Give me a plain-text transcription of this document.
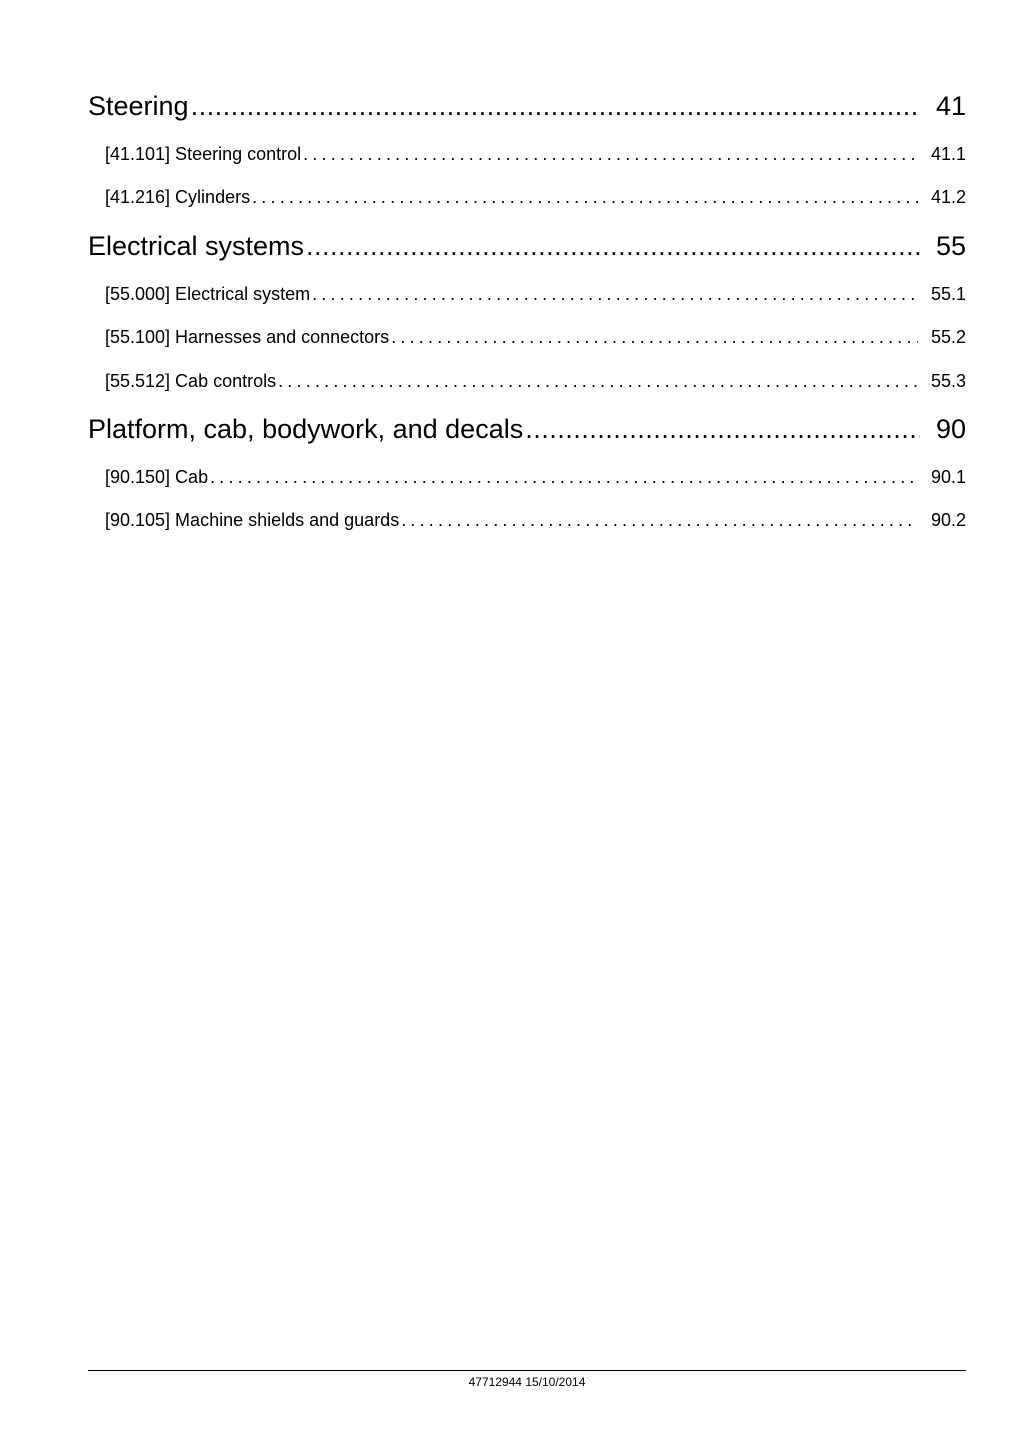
Steering .....	41
[41.101] Steering control . . .	41.1
[41.216] Cylinders . . .	41.2
Electrical systems .....	55
[55.000] Electrical system . . .	55.1
[55.100] Harnesses and connectors . . .	55.2
[55.512] Cab controls . . .	55.3
Platform, cab, bodywork, and decals .....	90
[90.150] Cab . . .	90.1
[90.105] Machine shields and guards . . .	90.2
47712944 15/10/2014
